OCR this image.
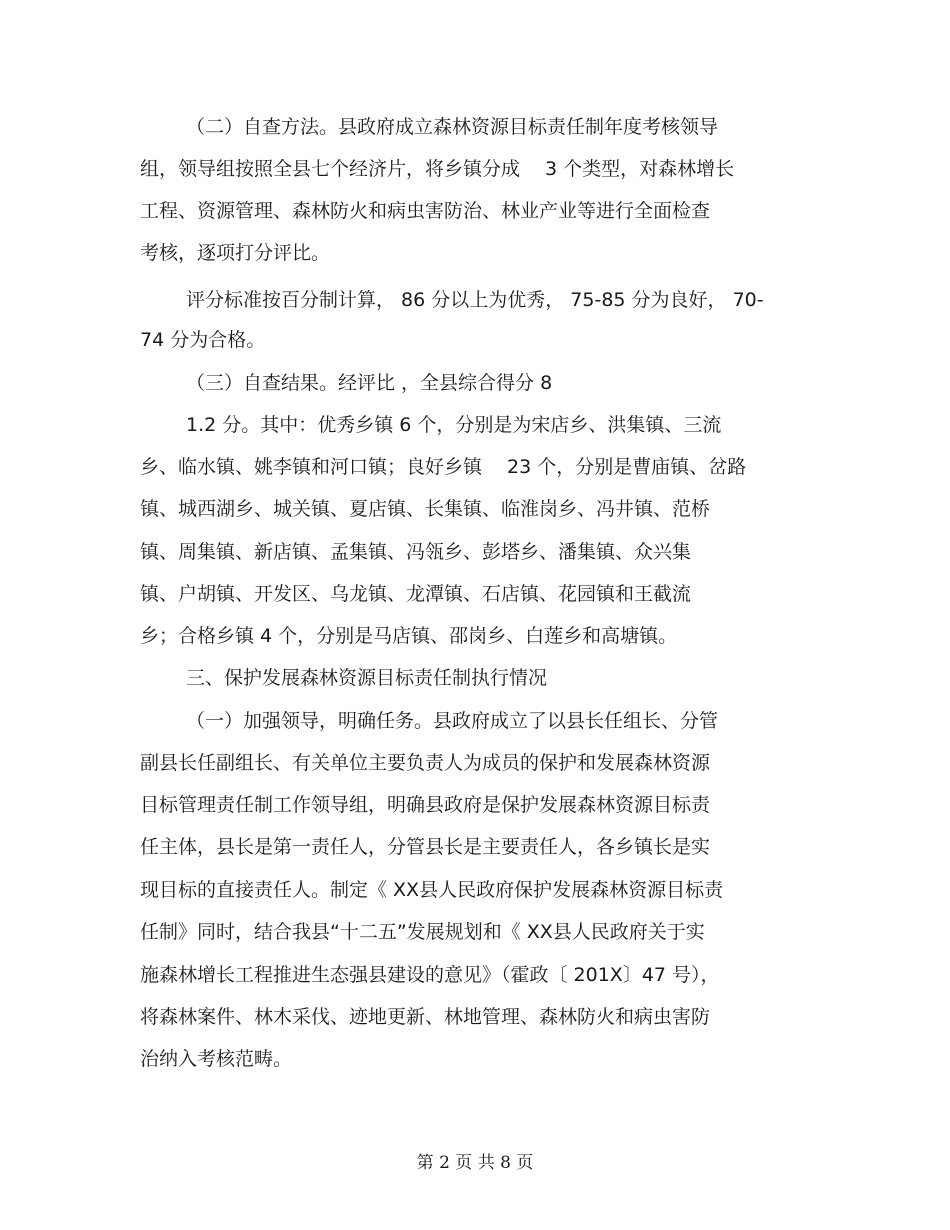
（二）自查方法。县政府成立森林资源目标责任制年度考核领导
组，领导组按照全县七个经济片，将乡镇分成　 3 个类型，对森林增长
工程、资源管理、森林防火和病虫害防治、林业产业等进行全面检查
考核，逐项打分评比。
评分标准按百分制计算， 86 分以上为优秀， 75-85 分为良好， 70-
74 分为合格。
（三）自查结果。经评比 ，全县综合得分 8
1.2 分。其中：优秀乡镇 6 个，分别是为宋店乡、洪集镇、三流
乡、临水镇、姚李镇和河口镇；良好乡镇 　23 个，分别是曹庙镇、岔路
镇、城西湖乡、城关镇、夏店镇、长集镇、临淮岗乡、冯井镇、范桥
镇、周集镇、新店镇、孟集镇、冯瓴乡、彭塔乡、潘集镇、众兴集
镇、户胡镇、开发区、乌龙镇、龙潭镇、石店镇、花园镇和王截流
乡；合格乡镇 4 个，分别是马店镇、邵岗乡、白莲乡和高塘镇。
三、保护发展森林资源目标责任制执行情况
（一）加强领导，明确任务。县政府成立了以县长任组长、分管
副县长任副组长、有关单位主要负责人为成员的保护和发展森林资源
目标管理责任制工作领导组，明确县政府是保护发展森林资源目标责
任主体，县长是第一责任人，分管县长是主要责任人，各乡镇长是实
现目标的直接责任人。制定《 XX县人民政府保护发展森林资源目标责
任制》同时，结合我县“十二五”发展规划和《 XX县人民政府关于实
施森林增长工程推进生态强县建设的意见》（霍政〔 201X〕47 号），
将森林案件、林木采伐、迹地更新、林地管理、森林防火和病虫害防
治纳入考核范畴。
第 2 页 共 8 页
